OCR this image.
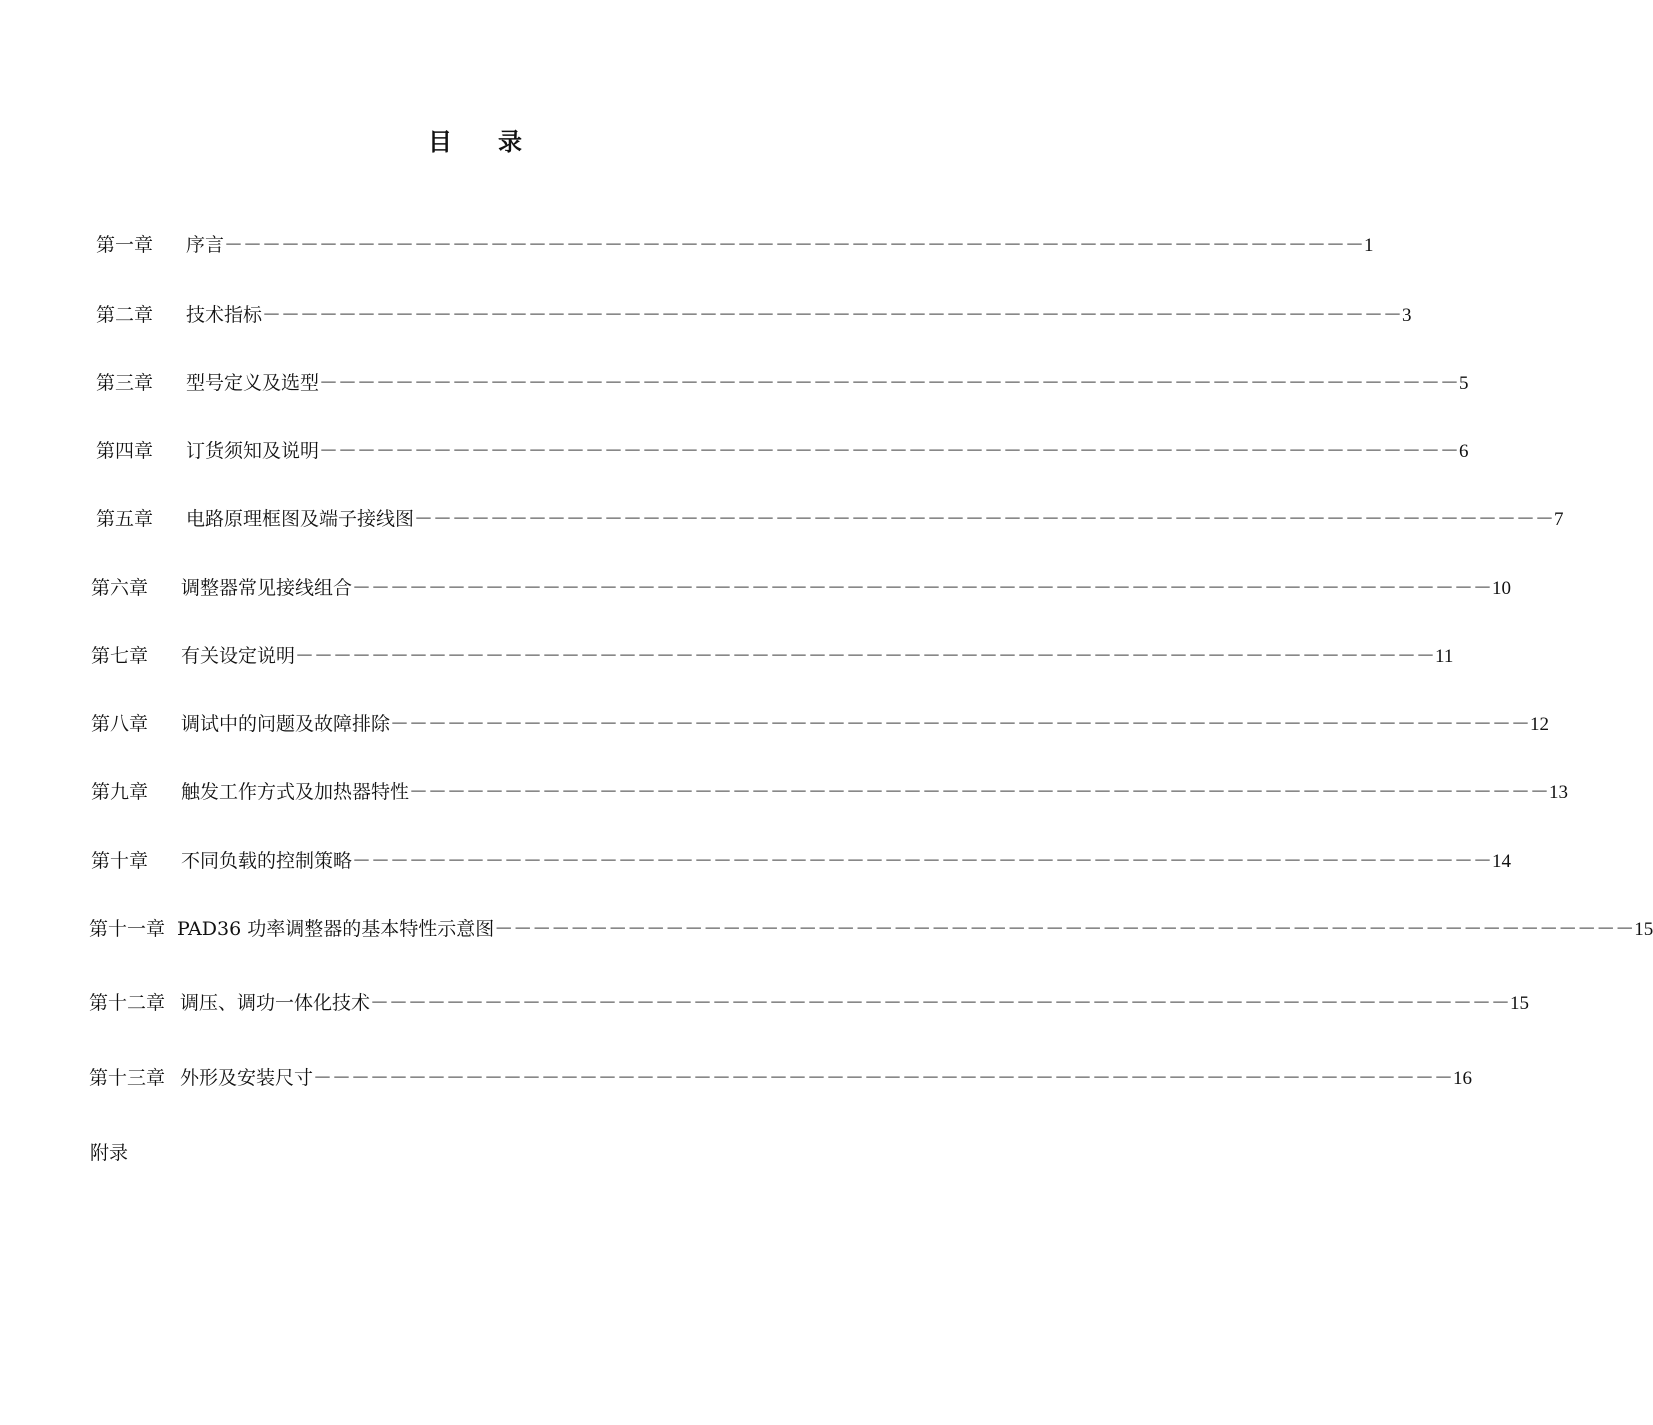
目 录
第一章	序言 －－－－－－－－－－－－－－－－－－－－－－－－－－－－－－－－－－－－－－－－－－－－－－－－－－－－－－－－－－－－ 1
第二章	技术指标 －－－－－－－－－－－－－－－－－－－－－－－－－－－－－－－－－－－－－－－－－－－－－－－－－－－－－－－－－－－－ 3
第三章	型号定义及选型 －－－－－－－－－－－－－－－－－－－－－－－－－－－－－－－－－－－－－－－－－－－－－－－－－－－－－－－－－－－－ 5
第四章	订货须知及说明 －－－－－－－－－－－－－－－－－－－－－－－－－－－－－－－－－－－－－－－－－－－－－－－－－－－－－－－－－－－－ 6
第五章	电路原理框图及端子接线图 －－－－－－－－－－－－－－－－－－－－－－－－－－－－－－－－－－－－－－－－－－－－－－－－－－－－－－－－－－－－ 7
第六章	调整器常见接线组合 －－－－－－－－－－－－－－－－－－－－－－－－－－－－－－－－－－－－－－－－－－－－－－－－－－－－－－－－－－－－ 10
第七章	有关设定说明 －－－－－－－－－－－－－－－－－－－－－－－－－－－－－－－－－－－－－－－－－－－－－－－－－－－－－－－－－－－－ 11
第八章	调试中的问题及故障排除 －－－－－－－－－－－－－－－－－－－－－－－－－－－－－－－－－－－－－－－－－－－－－－－－－－－－－－－－－－－－ 12
第九章	触发工作方式及加热器特性 －－－－－－－－－－－－－－－－－－－－－－－－－－－－－－－－－－－－－－－－－－－－－－－－－－－－－－－－－－－－ 13
第十章	不同负载的控制策略 －－－－－－－－－－－－－－－－－－－－－－－－－－－－－－－－－－－－－－－－－－－－－－－－－－－－－－－－－－－－ 14
第十一章 PAD36 功率调整器的基本特性示意图 －－－－－－－－－－－－－－－－－－－－－－－－－－－－－－－－－－－－－－－－－－－－－－－－－－－－－－－－－－－－ 15
第十二章 调压、调功一体化技术 －－－－－－－－－－－－－－－－－－－－－－－－－－－－－－－－－－－－－－－－－－－－－－－－－－－－－－－－－－－－ 15
第十三章 外形及安装尺寸 －－－－－－－－－－－－－－－－－－－－－－－－－－－－－－－－－－－－－－－－－－－－－－－－－－－－－－－－－－－－ 16
附录
